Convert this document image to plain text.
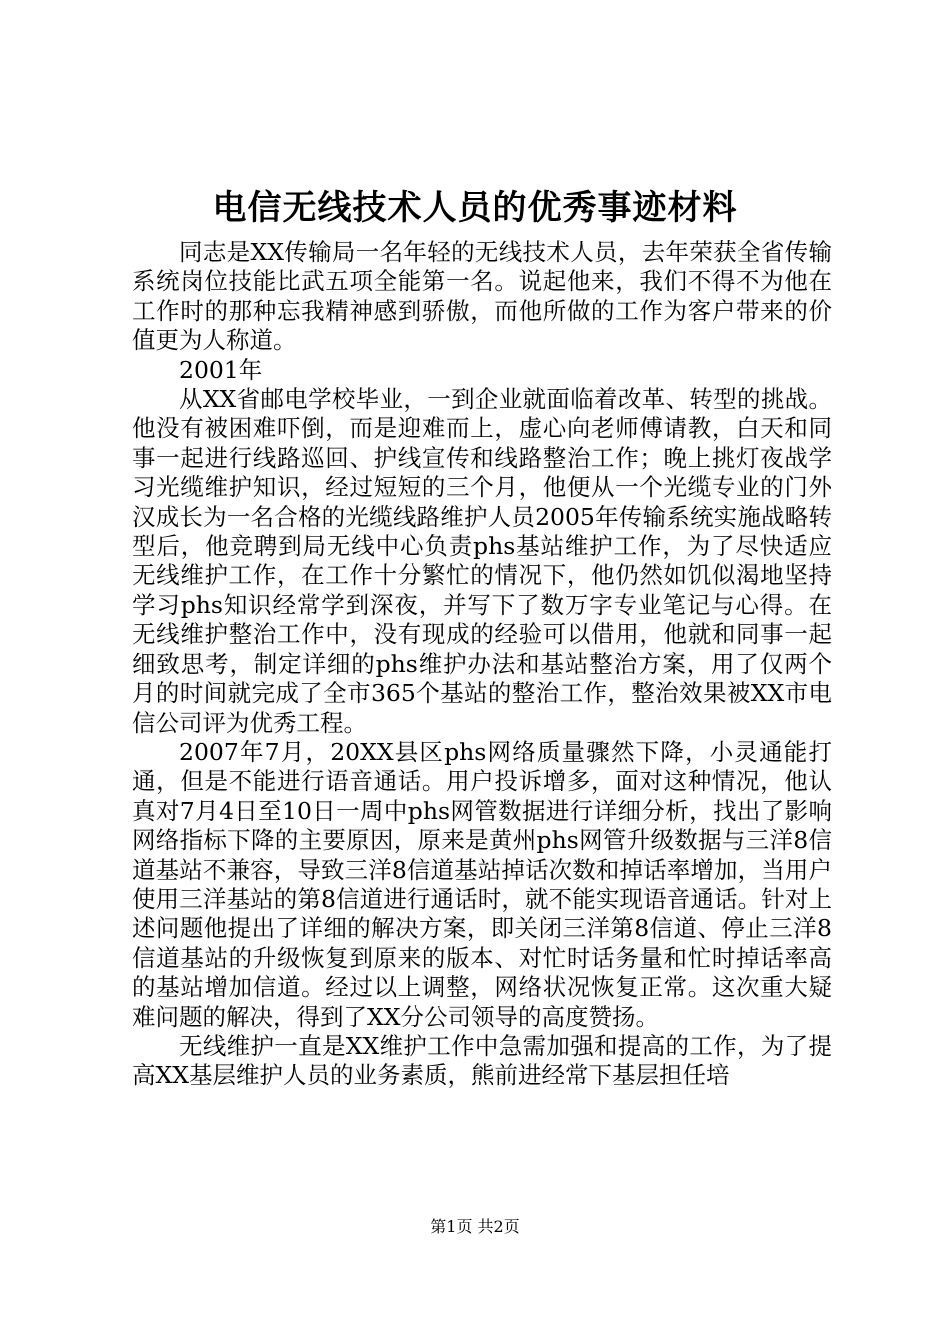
电信无线技术人员的优秀事迹材料

同志是XX传输局一名年轻的无线技术人员，去年荣获全省传输系统岗位技能比武五项全能第一名。说起他来，我们不得不为他在工作时的那种忘我精神感到骄傲，而他所做的工作为客户带来的价值更为人称道。

2001年

从XX省邮电学校毕业，一到企业就面临着改革、转型的挑战。他没有被困难吓倒，而是迎难而上，虚心向老师傅请教，白天和同事一起进行线路巡回、护线宣传和线路整治工作；晚上挑灯夜战学习光缆维护知识，经过短短的三个月，他便从一个光缆专业的门外汉成长为一名合格的光缆线路维护人员2005年传输系统实施战略转型后，他竞聘到局无线中心负责phs基站维护工作，为了尽快适应无线维护工作，在工作十分繁忙的情况下，他仍然如饥似渴地坚持学习phs知识经常学到深夜，并写下了数万字专业笔记与心得。在无线维护整治工作中，没有现成的经验可以借用，他就和同事一起细致思考，制定详细的phs维护办法和基站整治方案，用了仅两个月的时间就完成了全市365个基站的整治工作，整治效果被XX市电信公司评为优秀工程。

2007年7月，20XX县区phs网络质量骤然下降，小灵通能打通，但是不能进行语音通话。用户投诉增多，面对这种情况，他认真对7月4日至10日一周中phs网管数据进行详细分析，找出了影响网络指标下降的主要原因，原来是黄州phs网管升级数据与三洋8信道基站不兼容，导致三洋8信道基站掉话次数和掉话率增加，当用户使用三洋基站的第8信道进行通话时，就不能实现语音通话。针对上述问题他提出了详细的解决方案，即关闭三洋第8信道、停止三洋8信道基站的升级恢复到原来的版本、对忙时话务量和忙时掉话率高的基站增加信道。经过以上调整，网络状况恢复正常。这次重大疑难问题的解决，得到了XX分公司领导的高度赞扬。

无线维护一直是XX维护工作中急需加强和提高的工作，为了提高XX基层维护人员的业务素质，熊前进经常下基层担任培

第1页 共2页
